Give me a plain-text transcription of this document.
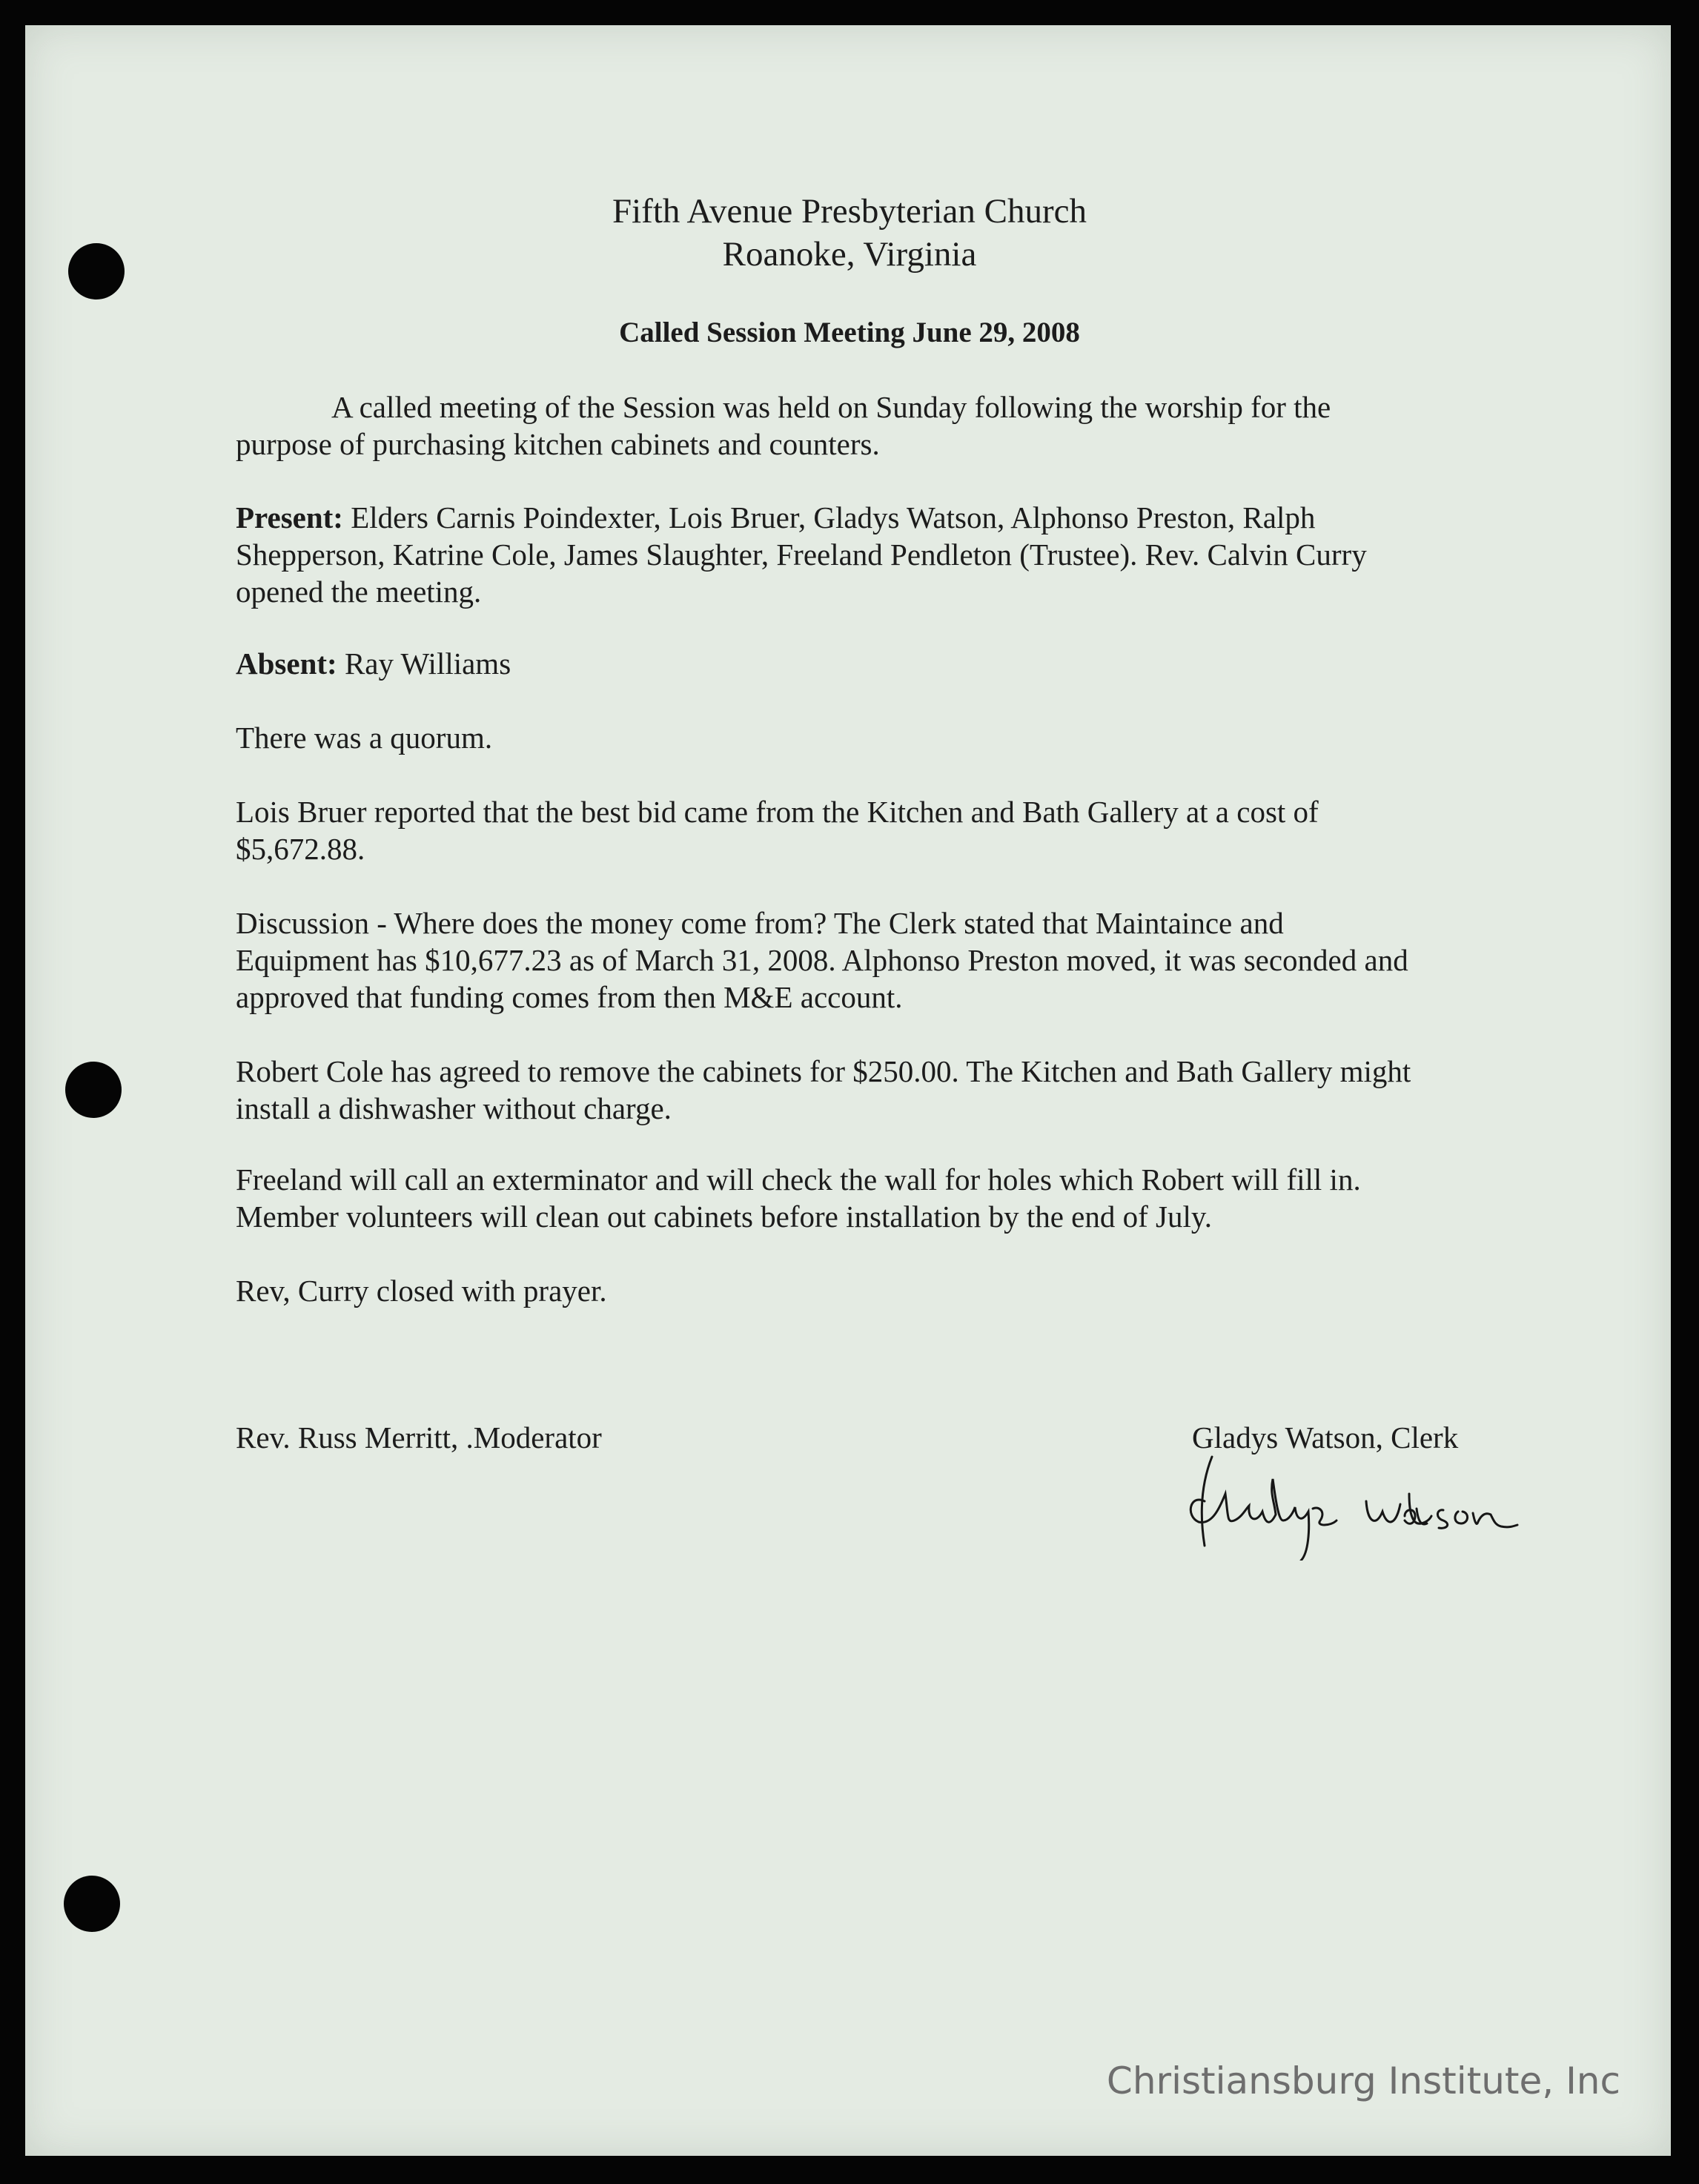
Fifth Avenue Presbyterian Church
Roanoke, Virginia
Called Session Meeting June 29, 2008
A called meeting of the Session was held on Sunday following the worship for the
purpose of purchasing kitchen cabinets and counters.
Present: Elders Carnis Poindexter, Lois Bruer, Gladys Watson, Alphonso Preston, Ralph
Shepperson, Katrine Cole, James Slaughter, Freeland Pendleton (Trustee). Rev. Calvin Curry
opened the meeting.
Absent: Ray Williams
There was a quorum.
Lois Bruer reported that the best bid came from the Kitchen and Bath Gallery at a cost of
$5,672.88.
Discussion - Where does the money come from? The Clerk stated that Maintaince and
Equipment has $10,677.23 as of March 31, 2008. Alphonso Preston moved, it was seconded and
approved that funding comes from then M&E account.
Robert Cole has agreed to remove the cabinets for $250.00. The Kitchen and Bath Gallery might
install a dishwasher without charge.
Freeland will call an exterminator and will check the wall for holes which Robert will fill in.
Member volunteers will clean out cabinets before installation by the end of July.
Rev, Curry closed with prayer.
Rev. Russ Merritt, .Moderator	Gladys Watson, Clerk
Christiansburg Institute, Inc
